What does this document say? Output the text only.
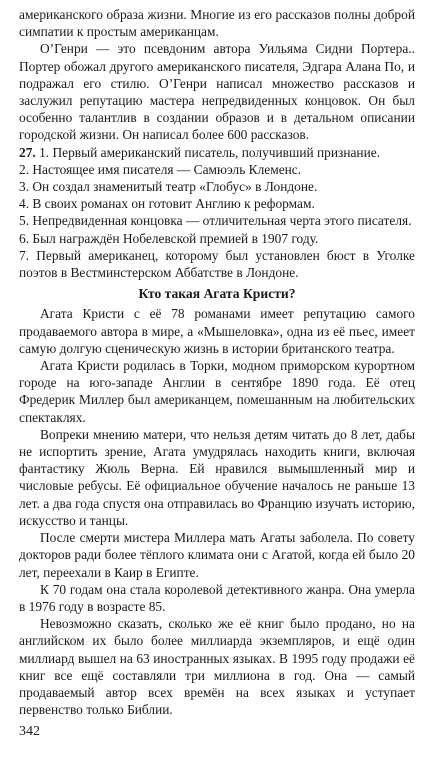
американского образа жизни. Многие из его рассказов полны доброй симпатии к простым американцам.

О’Генри — это псевдоним автора Уильяма Сидни Портера.. Портер обожал другого американского писателя, Эдгара Алана По, и подражал его стилю. О’Генри написал множество рассказов и заслужил репутацию мастера непредвиденных концовок. Он был особенно талантлив в создании образов и в детальном описании городской жизни. Он написал более 600 рассказов.

27. 1. Первый американский писатель, получивший признание.
2. Настоящее имя писателя — Самюэль Клеменс.
3. Он создал знаменитый театр «Глобус» в Лондоне.
4. В своих романах он готовит Англию к реформам.
5. Непредвиденная концовка — отличительная черта этого писателя.
6. Был награждён Нобелевской премией в 1907 году.
7. Первый американец, которому был установлен бюст в Уголке поэтов в Вестминстерском Аббатстве в Лондоне.
Кто такая Агата Кристи?

Агата Кристи с её 78 романами имеет репутацию самого продаваемого автора в мире, а «Мышеловка», одна из её пьес, имеет самую долгую сценическую жизнь в истории британского театра.

Агата Кристи родилась в Торки, модном приморском курортном городе на юго-западе Англии в сентябре 1890 года. Её отец Фредерик Миллер был американцем, помешанным на любительских спектаклях.

Вопреки мнению матери, что нельзя детям читать до 8 лет, дабы не испортить зрение, Агата умудрялась находить книги, включая фантастику Жюль Верна. Ей нравился вымышленный мир и числовые ребусы. Её официальное обучение началось не раньше 13 лет. а два года спустя она отправилась во Францию изучать историю, искусство и танцы.

После смерти мистера Миллера мать Агаты заболела. По совету докторов ради более тёплого климата они с Агатой, когда ей было 20 лет, переехали в Каир в Египте.

К 70 годам она стала королевой детективного жанра. Она умерла в 1976 году в возрасте 85.

Невозможно сказать, сколько же её книг было продано, но на английском их было более миллиарда экземпляров, и ещё один миллиард вышел на 63 иностранных языках. В 1995 году продажи её книг все ещё составляли три миллиона в год. Она — самый продаваемый автор всех времён на всех языках и уступает первенство только Библии.

342
